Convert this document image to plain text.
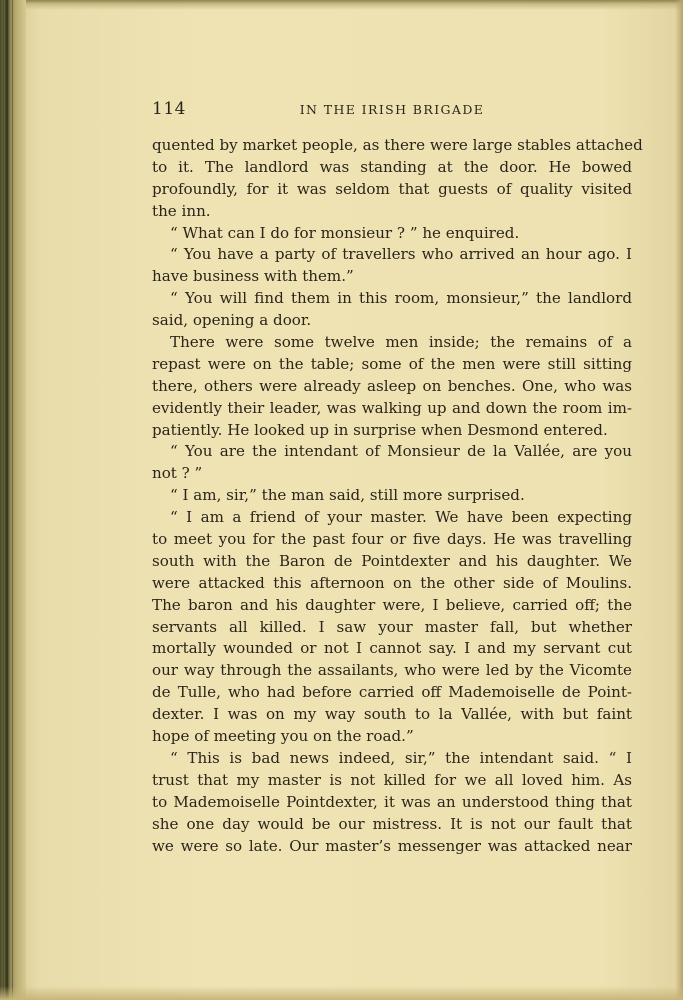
114	IN THE IRISH BRIGADE
quented by market people, as there were large stables attached
to it. The landlord was standing at the door. He bowed
profoundly, for it was seldom that guests of quality visited
the inn.
“ What can I do for monsieur ? ” he enquired.
“ You have a party of travellers who arrived an hour ago. I
have business with them.”
“ You will find them in this room, monsieur,” the landlord
said, opening a door.
There were some twelve men inside; the remains of a
repast were on the table; some of the men were still sitting
there, others were already asleep on benches. One, who was
evidently their leader, was walking up and down the room im-
patiently. He looked up in surprise when Desmond entered.
“ You are the intendant of Monsieur de la Vallée, are you
not ? ”
“ I am, sir,” the man said, still more surprised.
“ I am a friend of your master. We have been expecting
to meet you for the past four or five days. He was travelling
south with the Baron de Pointdexter and his daughter. We
were attacked this afternoon on the other side of Moulins.
The baron and his daughter were, I believe, carried off; the
servants all killed. I saw your master fall, but whether
mortally wounded or not I cannot say. I and my servant cut
our way through the assailants, who were led by the Vicomte
de Tulle, who had before carried off Mademoiselle de Point-
dexter. I was on my way south to la Vallée, with but faint
hope of meeting you on the road.”
“ This is bad news indeed, sir,” the intendant said. “ I
trust that my master is not killed for we all loved him. As
to Mademoiselle Pointdexter, it was an understood thing that
she one day would be our mistress. It is not our fault that
we were so late. Our master’s messenger was attacked near
